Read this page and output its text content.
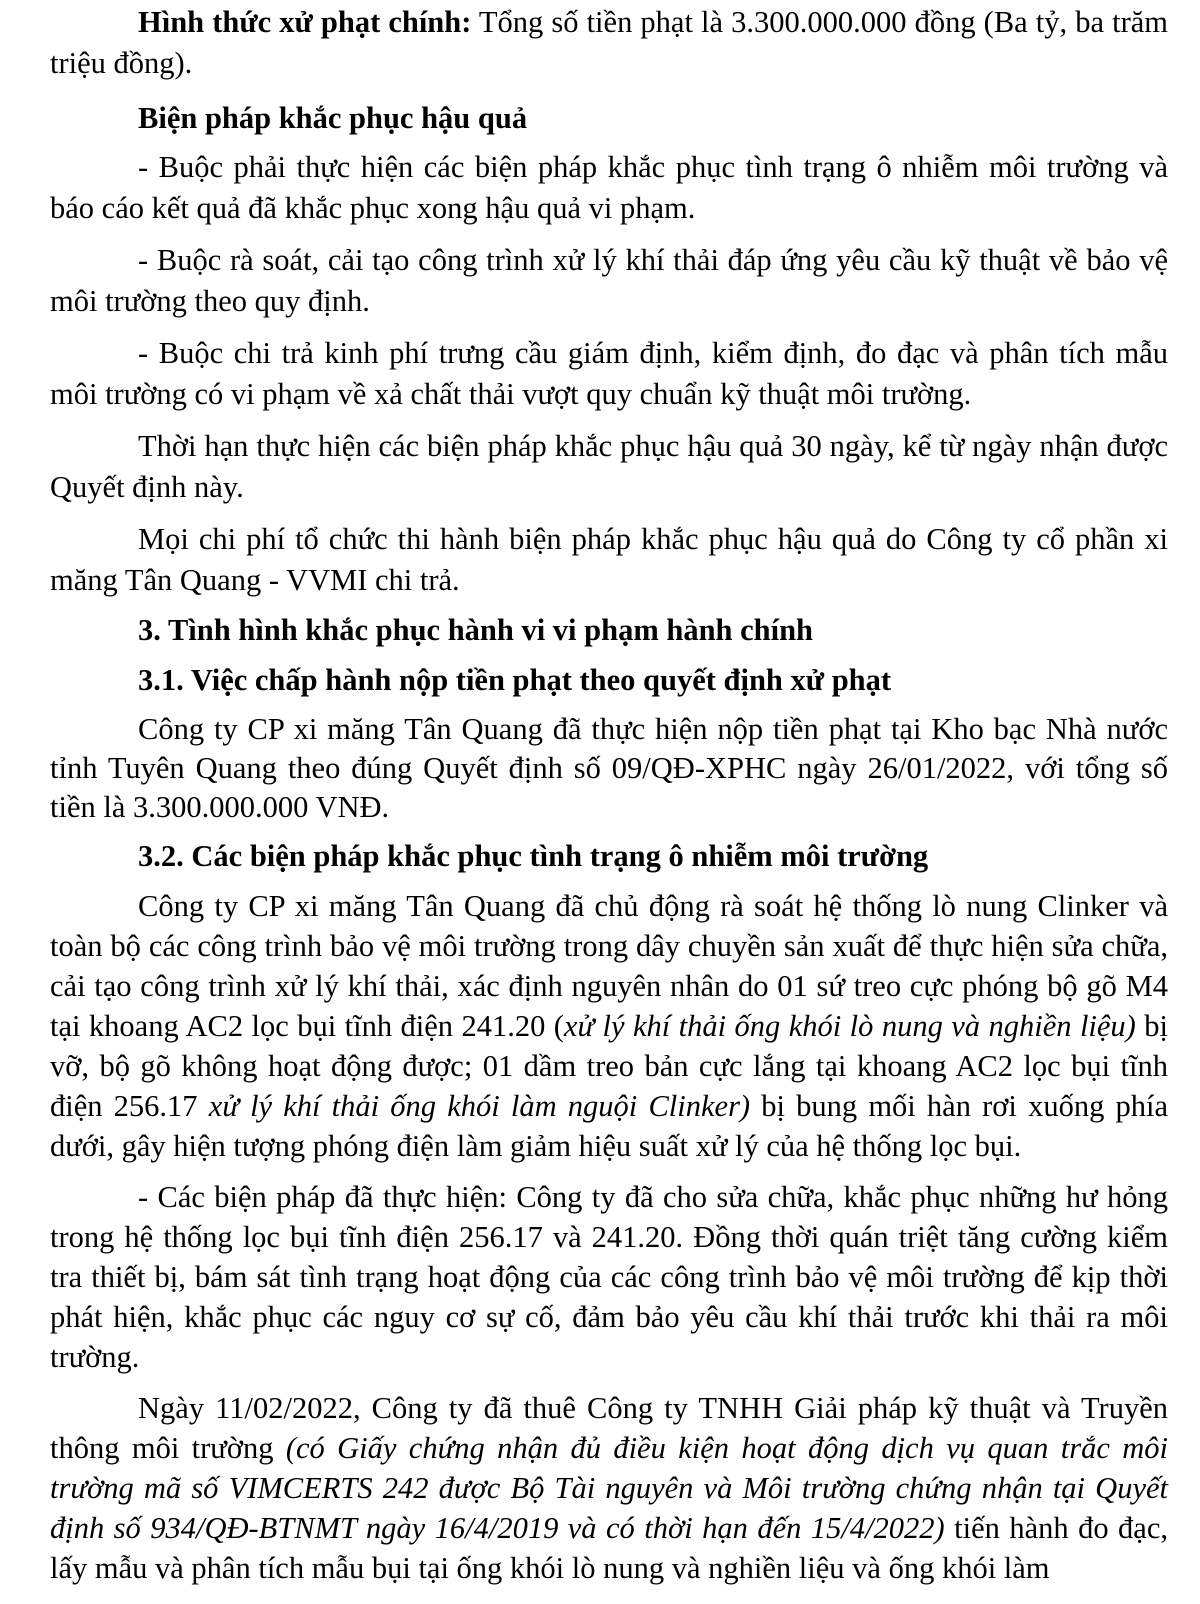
Hình thức xử phạt chính: Tổng số tiền phạt là 3.300.000.000 đồng (Ba tỷ, ba trăm triệu đồng).

Biện pháp khắc phục hậu quả

- Buộc phải thực hiện các biện pháp khắc phục tình trạng ô nhiễm môi trường và báo cáo kết quả đã khắc phục xong hậu quả vi phạm.

- Buộc rà soát, cải tạo công trình xử lý khí thải đáp ứng yêu cầu kỹ thuật về bảo vệ môi trường theo quy định.

- Buộc chi trả kinh phí trưng cầu giám định, kiểm định, đo đạc và phân tích mẫu môi trường có vi phạm về xả chất thải vượt quy chuẩn kỹ thuật môi trường.

Thời hạn thực hiện các biện pháp khắc phục hậu quả 30 ngày, kể từ ngày nhận được Quyết định này.

Mọi chi phí tổ chức thi hành biện pháp khắc phục hậu quả do Công ty cổ phần xi măng Tân Quang - VVMI chi trả.

3. Tình hình khắc phục hành vi vi phạm hành chính

3.1. Việc chấp hành nộp tiền phạt theo quyết định xử phạt

Công ty CP xi măng Tân Quang đã thực hiện nộp tiền phạt tại Kho bạc Nhà nước tỉnh Tuyên Quang theo đúng Quyết định số 09/QĐ-XPHC ngày 26/01/2022, với tổng số tiền là 3.300.000.000 VNĐ.

3.2. Các biện pháp khắc phục tình trạng ô nhiễm môi trường

Công ty CP xi măng Tân Quang đã chủ động rà soát hệ thống lò nung Clinker và toàn bộ các công trình bảo vệ môi trường trong dây chuyền sản xuất để thực hiện sửa chữa, cải tạo công trình xử lý khí thải, xác định nguyên nhân do 01 sứ treo cực phóng bộ gõ M4 tại khoang AC2 lọc bụi tĩnh điện 241.20 (xử lý khí thải ống khói lò nung và nghiền liệu) bị vỡ, bộ gõ không hoạt động được; 01 dầm treo bản cực lắng tại khoang AC2 lọc bụi tĩnh điện 256.17 xử lý khí thải ống khói làm nguội Clinker) bị bung mối hàn rơi xuống phía dưới, gây hiện tượng phóng điện làm giảm hiệu suất xử lý của hệ thống lọc bụi.

- Các biện pháp đã thực hiện: Công ty đã cho sửa chữa, khắc phục những hư hỏng trong hệ thống lọc bụi tĩnh điện 256.17 và 241.20. Đồng thời quán triệt tăng cường kiểm tra thiết bị, bám sát tình trạng hoạt động của các công trình bảo vệ môi trường để kịp thời phát hiện, khắc phục các nguy cơ sự cố, đảm bảo yêu cầu khí thải trước khi thải ra môi trường.

Ngày 11/02/2022, Công ty đã thuê Công ty TNHH Giải pháp kỹ thuật và Truyền thông môi trường (có Giấy chứng nhận đủ điều kiện hoạt động dịch vụ quan trắc môi trường mã số VIMCERTS 242 được Bộ Tài nguyên và Môi trường chứng nhận tại Quyết định số 934/QĐ-BTNMT ngày 16/4/2019 và có thời hạn đến 15/4/2022) tiến hành đo đạc, lấy mẫu và phân tích mẫu bụi tại ống khói lò nung và nghiền liệu và ống khói làm
